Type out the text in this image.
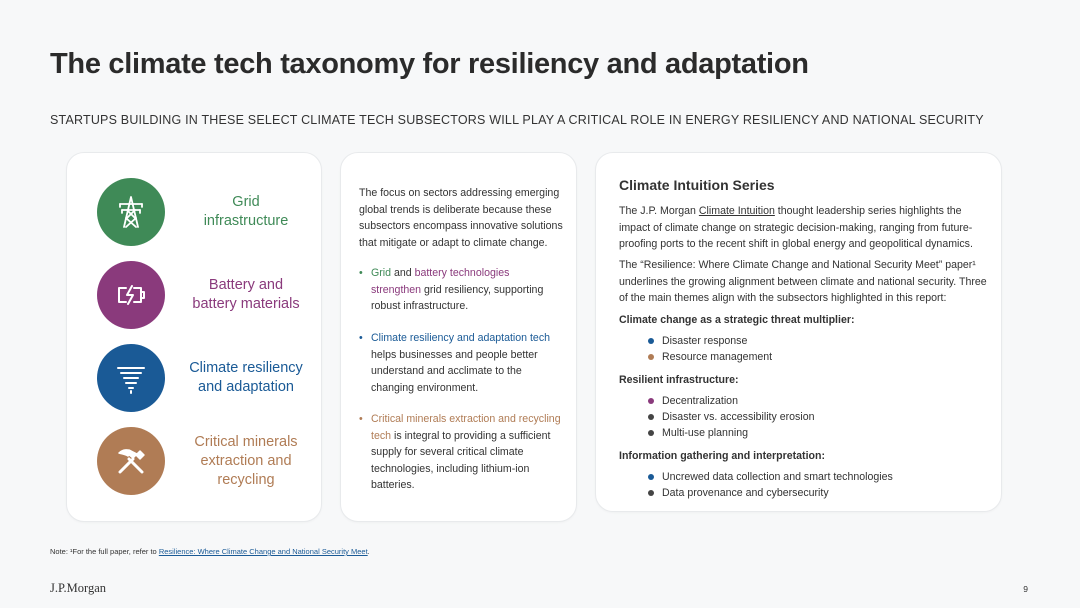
The climate tech taxonomy for resiliency and adaptation
STARTUPS BUILDING IN THESE SELECT CLIMATE TECH SUBSECTORS WILL PLAY A CRITICAL ROLE IN ENERGY RESILIENCY AND NATIONAL SECURITY
Grid
infrastructure
Battery and
battery materials
Climate resiliency
and adaptation
Critical minerals
extraction and
recycling
The focus on sectors addressing emerging global trends is deliberate because these subsectors encompass innovative solutions that mitigate or adapt to climate change.
• Grid and battery technologies
strengthen grid resiliency, supporting robust infrastructure.
• Climate resiliency and adaptation tech helps businesses and people better understand and acclimate to the changing environment.
• Critical minerals extraction and recycling tech is integral to providing a sufficient supply for several critical climate technologies, including lithium-ion batteries.
Climate Intuition Series
The J.P. Morgan Climate Intuition thought leadership series highlights the impact of climate change on strategic decision-making, ranging from future-proofing ports to the recent shift in global energy and geopolitical dynamics.
The “Resilience: Where Climate Change and National Security Meet” paper¹ underlines the growing alignment between climate and national security. Three of the main themes align with the subsectors highlighted in this report:
Climate change as a strategic threat multiplier:
Disaster response
Resource management
Resilient infrastructure:
Decentralization
Disaster vs. accessibility erosion
Multi-use planning
Information gathering and interpretation:
Uncrewed data collection and smart technologies
Data provenance and cybersecurity
Note: ¹For the full paper, refer to Resilience: Where Climate Change and National Security Meet.
J.P.Morgan	9
